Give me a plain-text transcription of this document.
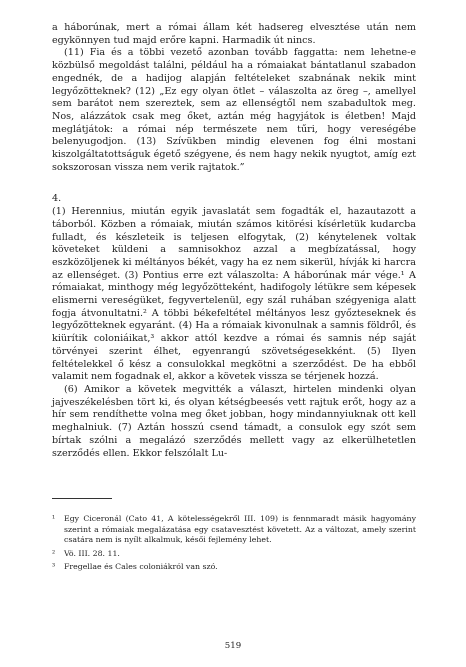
a háborúnak, mert a római állam két hadsereg elvesztése után nem egykönnyen tud majd erőre kapni. Harmadik út nincs.

(11) Fia és a többi vezető azonban tovább faggatta: nem lehetne-e közbülső megoldást találni, például ha a rómaiakat bántatlanul szabadon engednék, de a hadijog alapján feltételeket szabnának nekik mint legyőzötteknek? (12) „Ez egy olyan ötlet – válaszolta az öreg –, amellyel sem barátot nem szereztek, sem az ellenségtől nem szabadultok meg. Nos, alázzátok csak meg őket, aztán még hagyjátok is életben! Majd meglátjátok: a római nép természete nem tűri, hogy vereségébe belenyugodjon. (13) Szívükben mindig elevenen fog élni mostani kiszolgáltatottságuk égető szégyene, és nem hagy nekik nyugtot, amíg ezt sokszorosan vissza nem verik rajtatok.”

4.

(1) Herennius, miután egyik javaslatát sem fogadták el, hazautazott a táborból. Közben a rómaiak, miután számos kitörési kísérletük kudarcba fulladt, és készleteik is teljesen elfogytak, (2) kénytelenek voltak követeket küldeni a samnisokhoz azzal a megbízatással, hogy eszközöljenek ki méltányos békét, vagy ha ez nem sikerül, hívják ki harcra az ellenséget. (3) Pontius erre ezt válaszolta: A háborúnak már vége.¹ A rómaiakat, minthogy még legyőzötteként, hadifogoly létükre sem képesek elismerni vereségüket, fegyvertelenül, egy szál ruhában szégyeniga alatt fogja átvonultatni.² A többi békefeltétel méltányos lesz győzteseknek és legyőzötteknek egyaránt. (4) Ha a rómaiak kivonulnak a samnis földről, és kiürítik coloniáikat,³ akkor attól kezdve a római és samnis nép saját törvényei szerint élhet, egyenrangú szövetségesekként. (5) Ilyen feltételekkel ő kész a consulokkal megkötni a szerződést. De ha ebből valamit nem fogadnak el, akkor a követek vissza se térjenek hozzá.

(6) Amikor a követek megvitték a választ, hirtelen mindenki olyan jajveszékelésben tört ki, és olyan kétségbeesés vett rajtuk erőt, hogy az a hír sem rendíthette volna meg őket jobban, hogy mindannyiuknak ott kell meghalniuk. (7) Aztán hosszú csend támadt, a consulok egy szót sem bírtak szólni a megalázó szerződés mellett vagy az elkerülhetetlen szerződés ellen. Ekkor felszólalt Lu-

¹ Egy Ciceronál (Cato 41, A kötelességekről III. 109) is fennmaradt másik hagyomány szerint a rómaiak megalázatása egy csatavesztést követett. Az a változat, amely szerint csatára nem is nyílt alkalmuk, késői fejlemény lehet.

² Vö. III. 28. 11.

³ Fregellae és Cales coloniákról van szó.

519
